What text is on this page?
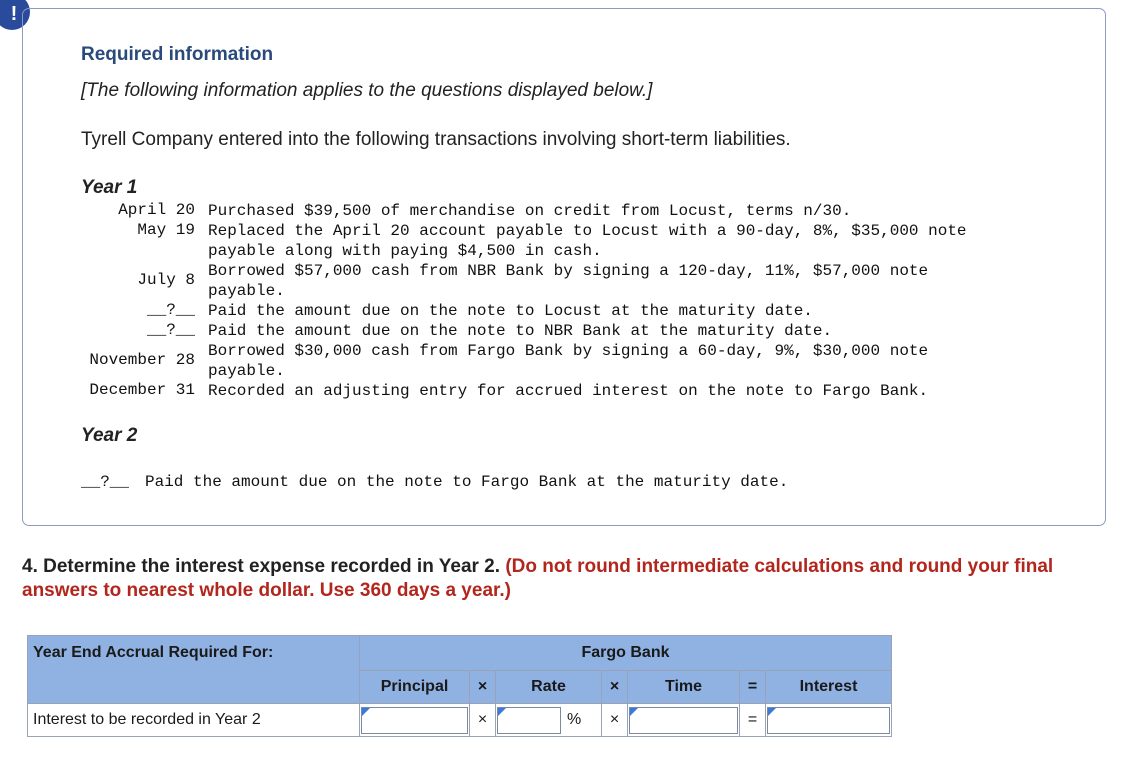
!
Required information
[The following information applies to the questions displayed below.]
Tyrell Company entered into the following transactions involving short-term liabilities.
Year 1
April 20 Purchased $39,500 of merchandise on credit from Locust, terms n/30.
May 19 Replaced the April 20 account payable to Locust with a 90-day, 8%, $35,000 note
payable along with paying $4,500 in cash.
July 8 Borrowed $57,000 cash from NBR Bank by signing a 120-day, 11%, $57,000 note
payable.
__?__ Paid the amount due on the note to Locust at the maturity date.
__?__ Paid the amount due on the note to NBR Bank at the maturity date.
November 28 Borrowed $30,000 cash from Fargo Bank by signing a 60-day, 9%, $30,000 note
payable.
December 31 Recorded an adjusting entry for accrued interest on the note to Fargo Bank.
Year 2
__?__ Paid the amount due on the note to Fargo Bank at the maturity date.
4. Determine the interest expense recorded in Year 2. (Do not round intermediate calculations and round your final answers to nearest whole dollar. Use 360 days a year.)
Year End Accrual Required For:	Fargo Bank						
	Principal	×	Rate	×	Time	=	Interest
Interest to be recorded in Year 2		×	%	×		=	
